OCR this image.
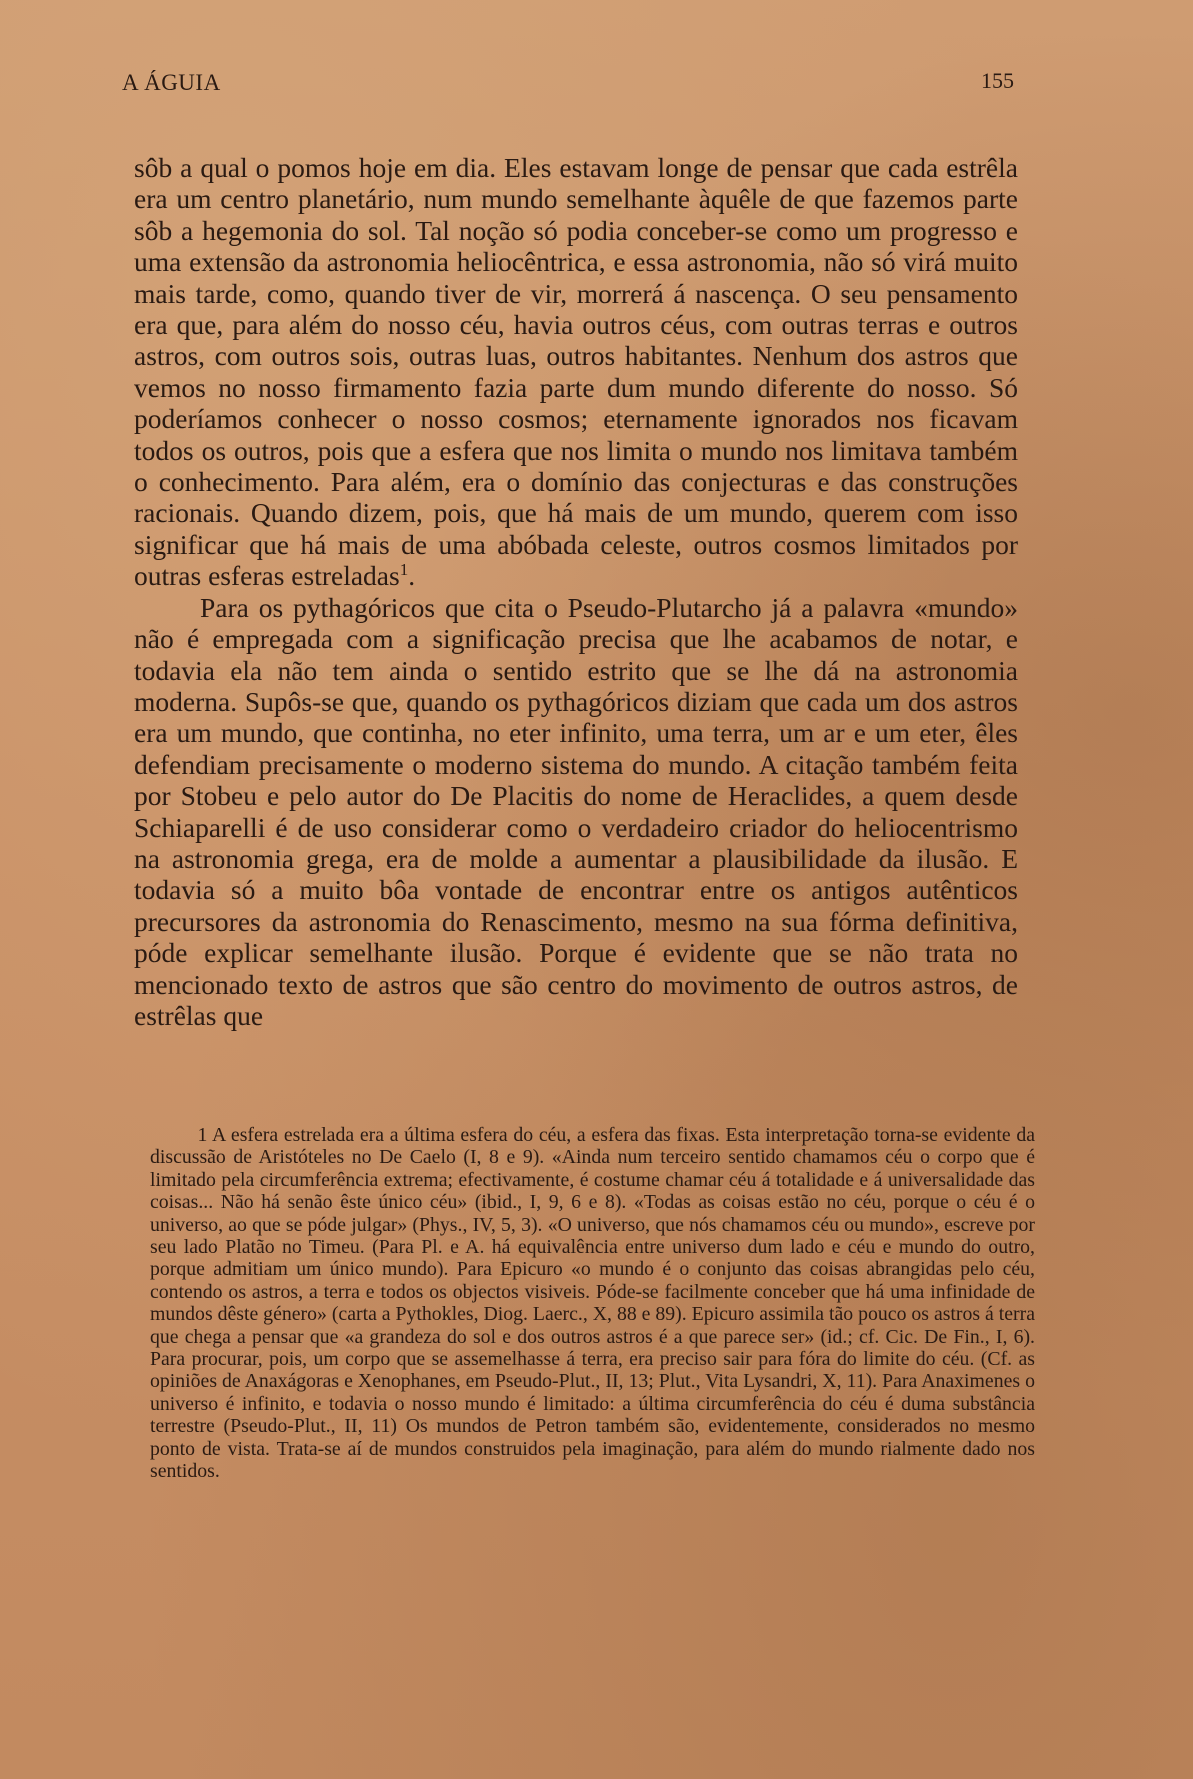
A ÁGUIA	155

sôb a qual o pomos hoje em dia. Eles estavam longe de pensar que cada estrêla era um centro planetário, num mundo semelhante àquêle de que fazemos parte sôb a hegemonia do sol. Tal noção só podia conceber-se como um progresso e uma extensão da astronomia heliocêntrica, e essa astronomia, não só virá muito mais tarde, como, quando tiver de vir, morrerá á nascença. O seu pensamento era que, para além do nosso céu, havia outros céus, com outras terras e outros astros, com outros sois, outras luas, outros habitantes. Nenhum dos astros que vemos no nosso firmamento fazia parte dum mundo diferente do nosso. Só poderíamos conhecer o nosso cosmos; eternamente ignorados nos ficavam todos os outros, pois que a esfera que nos limita o mundo nos limitava também o conhecimento. Para além, era o domínio das conjecturas e das construções racionais. Quando dizem, pois, que há mais de um mundo, querem com isso significar que há mais de uma abóbada celeste, outros cosmos limitados por outras esferas estreladas$^1$.

Para os pythagóricos que cita o Pseudo-Plutarcho já a palavra «mundo» não é empregada com a significação precisa que lhe acabamos de notar, e todavia ela não tem ainda o sentido estrito que se lhe dá na astronomia moderna. Supôs-se que, quando os pythagóricos diziam que cada um dos astros era um mundo, que continha, no eter infinito, uma terra, um ar e um eter, êles defendiam precisamente o moderno sistema do mundo. A citação também feita por Stobeu e pelo autor do De Placitis do nome de Heraclides, a quem desde Schiaparelli é de uso considerar como o verdadeiro criador do heliocentrismo na astronomia grega, era de molde a aumentar a plausibilidade da ilusão. E todavia só a muito bôa vontade de encontrar entre os antigos autênticos precursores da astronomia do Renascimento, mesmo na sua fórma definitiva, póde explicar semelhante ilusão. Porque é evidente que se não trata no mencionado texto de astros que são centro do movimento de outros astros, de estrêlas que

1 A esfera estrelada era a última esfera do céu, a esfera das fixas. Esta interpretação torna-se evidente da discussão de Aristóteles no De Caelo (I, 8 e 9). «Ainda num terceiro sentido chamamos céu o corpo que é limitado pela circumferência extrema; efectivamente, é costume chamar céu á totalidade e á universalidade das coisas... Não há senão êste único céu» (ibid., I, 9, 6 e 8). «Todas as coisas estão no céu, porque o céu é o universo, ao que se póde julgar» (Phys., IV, 5, 3). «O universo, que nós chamamos céu ou mundo», escreve por seu lado Platão no Timeu. (Para Pl. e A. há equivalência entre universo dum lado e céu e mundo do outro, porque admitiam um único mundo). Para Epicuro «o mundo é o conjunto das coisas abrangidas pelo céu, contendo os astros, a terra e todos os objectos visiveis. Póde-se facilmente conceber que há uma infinidade de mundos dêste género» (carta a Pythokles, Diog. Laerc., X, 88 e 89). Epicuro assimila tão pouco os astros á terra que chega a pensar que «a grandeza do sol e dos outros astros é a que parece ser» (id.; cf. Cic. De Fin., I, 6). Para procurar, pois, um corpo que se assemelhasse á terra, era preciso sair para fóra do limite do céu. (Cf. as opiniões de Anaxágoras e Xenophanes, em Pseudo-Plut., II, 13; Plut., Vita Lysandri, X, 11). Para Anaximenes o universo é infinito, e todavia o nosso mundo é limitado: a última circumferência do céu é duma substância terrestre (Pseudo-Plut., II, 11) Os mundos de Petron também são, evidentemente, considerados no mesmo ponto de vista. Trata-se aí de mundos construidos pela imaginação, para além do mundo rialmente dado nos sentidos.
